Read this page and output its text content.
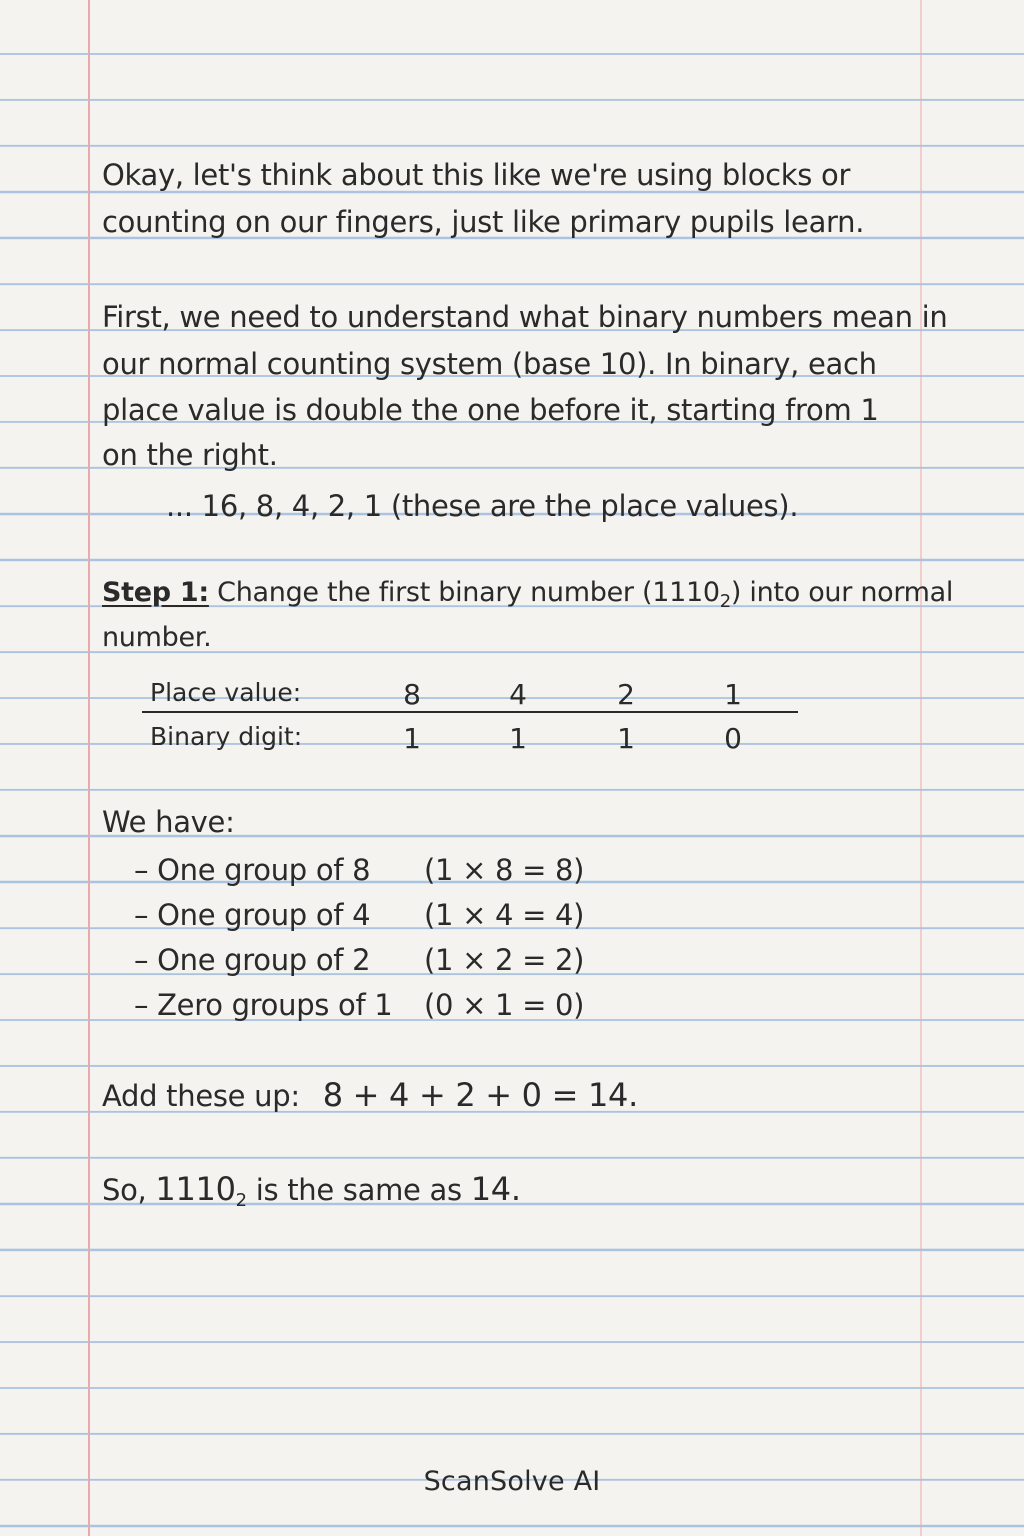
Okay, let's think about this like we're using blocks or
counting on our fingers, just like primary pupils learn.
First, we need to understand what binary numbers mean in
our normal counting system (base 10). In binary, each
place value is double the one before it, starting from 1
on the right.
... 16, 8, 4, 2, 1 (these are the place values).
Step 1: Change the first binary number $(1110_2)$ into our normal
number.
Place value:	8	4	2	1
Binary digit:	1	1	1	0
We have:
– One group of 8 (1 × 8 = 8)
– One group of 4 (1 × 4 = 4)
– One group of 2 (1 × 2 = 2)
– Zero groups of 1 (0 × 1 = 0)
Add these up: 8 + 4 + 2 + 0 = 14.
So, $1110_2$ is the same as 14.
ScanSolve AI
